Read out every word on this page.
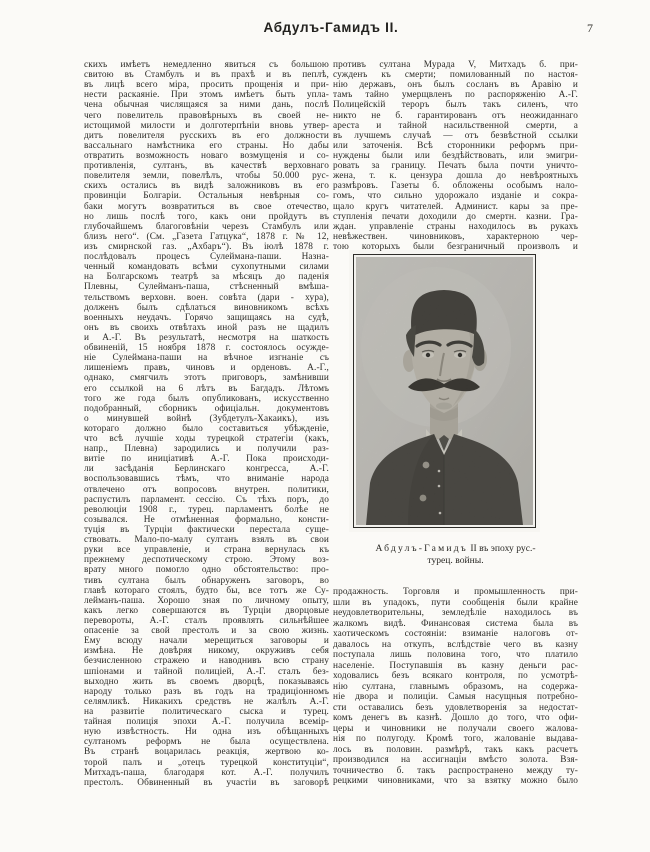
Абдулъ-Гамидъ II.	7
скихъ имѣетъ немедленно явиться съ большою
свитою въ Стамбулъ и въ прахѣ и въ пеплѣ,
въ лицѣ всего міра, просить прощенія и при-
нести раскаяніе. При этомъ имѣетъ быть упла-
чена обычная числящаяся за ними дань, послѣ
чего повелитель правовѣрныхъ въ своей не-
истощимой милости и долготерпѣніи вновь утвер-
дитъ повелителя русскихъ въ его должности
вассальнаго намѣстника его страны. Но дабы
отвратить возможность новаго возмущенія и со-
противленія, султанъ, въ качествѣ верховнаго
повелителя земли, повелѣлъ, чтобы 50.000 рус-
скихъ остались въ видѣ заложниковъ въ его
провинціи Болгаріи. Остальныя невѣрныя со-
баки могутъ возвратиться въ свое отечество,
но лишь послѣ того, какъ они пройдутъ въ
глубочайшемъ благоговѣніи черезъ Стамбулъ или
близъ него“. (См. „Газета Гатцука“, 1878 г. № 12,
изъ смирнской газ. „Ахбаръ“). Въ іюлѣ 1878 г.
послѣдовалъ процесъ Сулеймана-паши. Назна-
ченный командовать всѣми сухопутными силами
на Болгарскомъ театрѣ за мѣсяцъ до паденія
Плевны, Сулейманъ-паша, стѣсненный вмѣша-
тельствомъ верховн. воен. совѣта (дари - хура),
долженъ былъ сдѣлаться виновникомъ всѣхъ
военныхъ неудачъ. Горячо защищаясь на судѣ,
онъ въ своихъ отвѣтахъ иной разъ не щадилъ
и А.-Г. Въ результатѣ, несмотря на шаткость
обвиненій, 15 ноября 1878 г. состоялось осужде-
ніе Сулеймана-паши на вѣчное изгнаніе съ
лишеніемъ правъ, чиновъ и орденовъ. А.-Г.,
однако, смягчилъ этотъ приговоръ, замѣнивши
его ссылкой на 6 лѣтъ въ Багдадъ. Лѣтомъ
того же года былъ опубликованъ, искусственно
подобранный, сборникъ офиціальн. документовъ
о минувшей войнѣ (Зубдетулъ-Хакаикъ), изъ
котораго должно было составиться убѣжденіе,
что всѣ лучшіе ходы турецкой стратегіи (какъ,
напр., Плевна) зародились и получили раз-
витіе по иниціативѣ А.-Г. Пока происходи-
ли засѣданія Берлинскаго конгресса, А.-Г.
воспользовавшись тѣмъ, что вниманіе народа
отвлечено отъ вопросовъ внутрен. политики,
распустилъ парламент. сессію. Съ тѣхъ поръ, до
революціи 1908 г., турец. парламентъ болѣе не
созывался. Не отмѣненная формально, консти-
туція въ Турціи фактически перестала суще-
ствовать. Мало-по-малу султанъ взялъ въ свои
руки все управленіе, и страна вернулась къ
прежнему деспотическому строю. Этому воз-
врату много помогло одно обстоятельство: про-
тивъ султана былъ обнаруженъ заговоръ, во
главѣ котораго стоялъ, будто бы, все тотъ же Су-
лейманъ-паша. Хорошо зная по личному опыту,
какъ легко совершаются въ Турціи дворцовые
перевороты, А.-Г. сталъ проявлять сильнѣйшее
опасеніе за свой престолъ и за свою жизнь.
Ему всюду начали мерещиться заговоры и
измѣна. Не довѣряя никому, окруживъ себя
безчисленною стражею и наводнивъ всю страну
шпіонами и тайной полиціей, А.-Г. сталъ без-
выходно жить въ своемъ дворцѣ, показываясь
народу только разъ въ годъ на традиціонномъ
селямликѣ. Никакихъ средствъ не жалѣлъ А.-Г.
на развитіе политическаго сыска и турец.
тайная полиція эпохи А.-Г. получила всемір-
ную извѣстность. Ни одна изъ обѣщанныхъ
султаномъ реформъ не была осуществлена.
Въ странѣ воцарилась реакція, жертвою ко-
торой палъ и „отецъ турецкой конституціи“,
Митхадъ-паша, благодаря кот. А.-Г. получилъ
престолъ. Обвиненный въ участіи въ заговорѣ
противъ султана Мурада V, Митхадъ б. при-
сужденъ къ смерти; помилованный по настоя-
нію державъ, онъ былъ сосланъ въ Аравію и
тамъ тайно умерщвленъ по распоряженію А.-Г.
Полицейскій тероръ былъ такъ силенъ, что
никто не б. гарантированъ отъ неожиданнаго
ареста и тайной насильственной смерти, а
въ лучшемъ случаѣ — отъ безвѣстной ссылки
или заточенія. Всѣ сторонники реформъ при-
нуждены были или бездѣйствовать, или эмигри-
ровать за границу. Печать была почти уничто-
жена, т. к. цензура дошла до невѣроятныхъ
размѣровъ. Газеты б. обложены особымъ нало-
гомъ, что сильно удорожало изданіе и сокра-
щало кругъ читателей. Админист. кары за пре-
ступленія печати доходили до смертн. казни. Гра-
ждан. управленіе страны находилось въ рукахъ
невѣжествен. чиновниковъ, характерною чер-
тою которыхъ были безграничный произволъ и
Абдулъ-Гамидъ II въ эпоху рус.-
турец. войны.
продажность. Торговля и промышленность при-
шли въ упадокъ, пути сообщенія были крайне
неудовлетворительны, земледѣліе находилось въ
жалкомъ видѣ. Финансовая система была въ
хаотическомъ состояніи: взиманіе налоговъ от-
давалось на откупъ, вслѣдствіе чего въ казну
поступала лишь половина того, что платило
населеніе. Поступавшія въ казну деньги рас-
ходовались безъ всякаго контроля, по усмотрѣ-
нію султана, главнымъ образомъ, на содержа-
ніе двора и полиціи. Самыя насущныя потребно-
сти оставались безъ удовлетворенія за недостат-
комъ денегъ въ казнѣ. Дошло до того, что офи-
церы и чиновники не получали своего жалова-
нія по полугоду. Кромѣ того, жалованіе выдава-
лось въ половин. размѣрѣ, такъ какъ расчетъ
производился на ассигнаціи вмѣсто золота. Взя-
точничество б. такъ распространено между ту-
рецкими чиновниками, что за взятку можно было
